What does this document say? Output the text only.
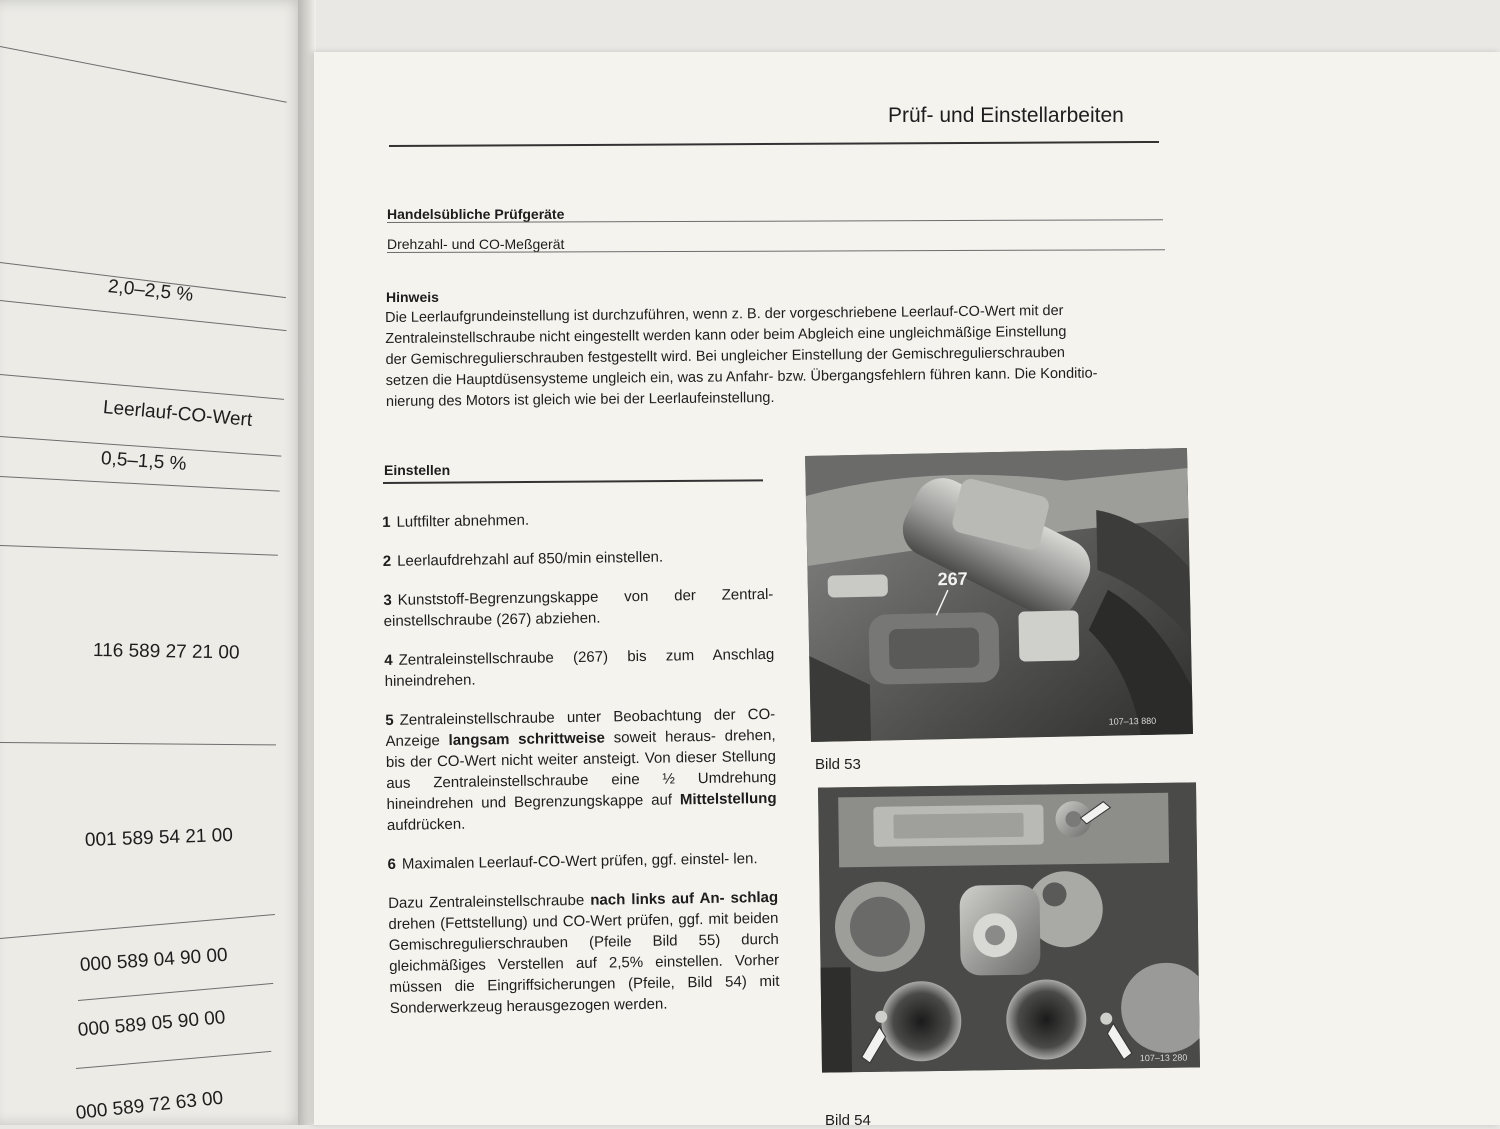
2,0–2,5 %
Leerlauf-CO-Wert
0,5–1,5 %
116 589 27 21 00
001 589 54 21 00
000 589 04 90 00
000 589 05 90 00
000 589 72 63 00
Prüf- und Einstellarbeiten
Handelsübliche Prüfgeräte
Drehzahl- und CO-Meßgerät
Hinweis
Die Leerlaufgrundeinstellung ist durchzuführen, wenn z. B. der vorgeschriebene Leerlauf-CO-Wert mit der
Zentraleinstellschraube nicht eingestellt werden kann oder beim Abgleich eine ungleichmäßige Einstellung
der Gemischregulierschrauben festgestellt wird. Bei ungleicher Einstellung der Gemischregulierschrauben
setzen die Hauptdüsensysteme ungleich ein, was zu Anfahr- bzw. Übergangsfehlern führen kann. Die Konditio-
nierung des Motors ist gleich wie bei der Leerlaufeinstellung.
Einstellen
1 Luftfilter abnehmen.
2 Leerlaufdrehzahl auf 850/min einstellen.
3 Kunststoff-Begrenzungskappe von der Zentral- einstellschraube (267) abziehen.
4 Zentraleinstellschraube (267) bis zum Anschlag hineindrehen.
5 Zentraleinstellschraube unter Beobachtung der CO-Anzeige langsam schrittweise soweit heraus- drehen, bis der CO-Wert nicht weiter ansteigt. Von dieser Stellung aus Zentraleinstellschraube eine ½ Umdrehung hineindrehen und Begrenzungskappe auf Mittelstellung aufdrücken.
6 Maximalen Leerlauf-CO-Wert prüfen, ggf. einstel- len.
Dazu Zentraleinstellschraube nach links auf An- schlag drehen (Fettstellung) und CO-Wert prüfen, ggf. mit beiden Gemischregulierschrauben (Pfeile Bild 55) durch gleichmäßiges Verstellen auf 2,5% einstellen. Vorher müssen die Eingriffsicherungen (Pfeile, Bild 54) mit Sonderwerkzeug herausgezogen werden.
267
107–13 880
Bild 53
107–13 280
Bild 54
